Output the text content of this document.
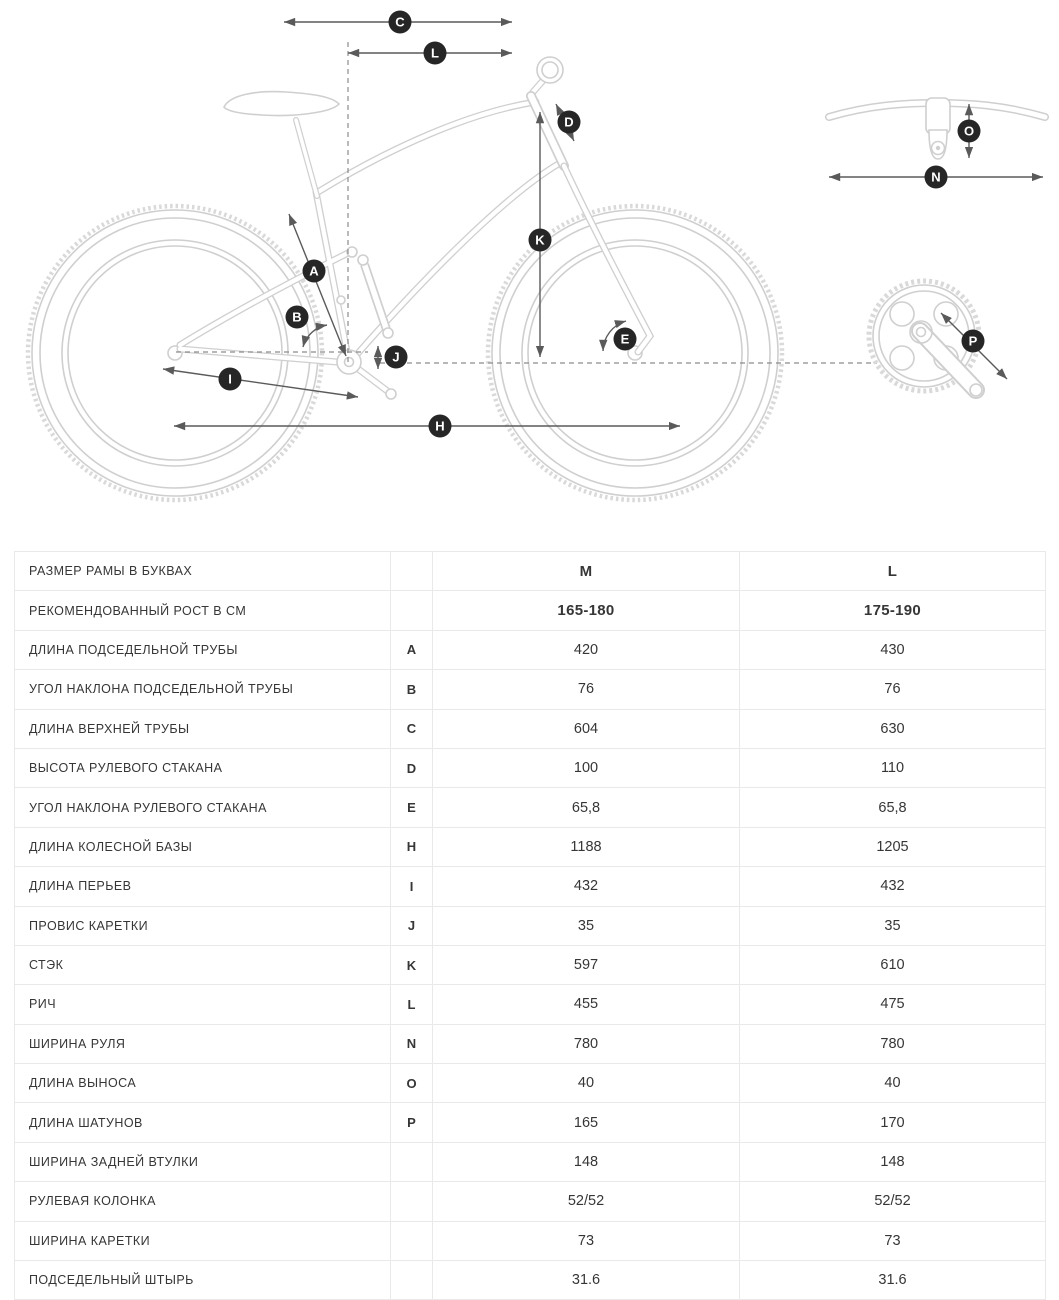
C
L
D
K
A
B
E
J
I
H
O
N
P
РАЗМЕР РАМЫ В БУКВАХ		M	L
РЕКОМЕНДОВАННЫЙ РОСТ В СМ		165-180	175-190
ДЛИНА ПОДСЕДЕЛЬНОЙ ТРУБЫ	A	420	430
УГОЛ НАКЛОНА ПОДСЕДЕЛЬНОЙ ТРУБЫ	B	76	76
ДЛИНА ВЕРХНЕЙ ТРУБЫ	C	604	630
ВЫСОТА РУЛЕВОГО СТАКАНА	D	100	110
УГОЛ НАКЛОНА РУЛЕВОГО СТАКАНА	E	65,8	65,8
ДЛИНА КОЛЕСНОЙ БАЗЫ	H	1188	1205
ДЛИНА ПЕРЬЕВ	I	432	432
ПРОВИС КАРЕТКИ	J	35	35
СТЭК	K	597	610
РИЧ	L	455	475
ШИРИНА РУЛЯ	N	780	780
ДЛИНА ВЫНОСА	O	40	40
ДЛИНА ШАТУНОВ	P	165	170
ШИРИНА ЗАДНЕЙ ВТУЛКИ		148	148
РУЛЕВАЯ КОЛОНКА		52/52	52/52
ШИРИНА КАРЕТКИ		73	73
ПОДСЕДЕЛЬНЫЙ ШТЫРЬ		31.6	31.6
